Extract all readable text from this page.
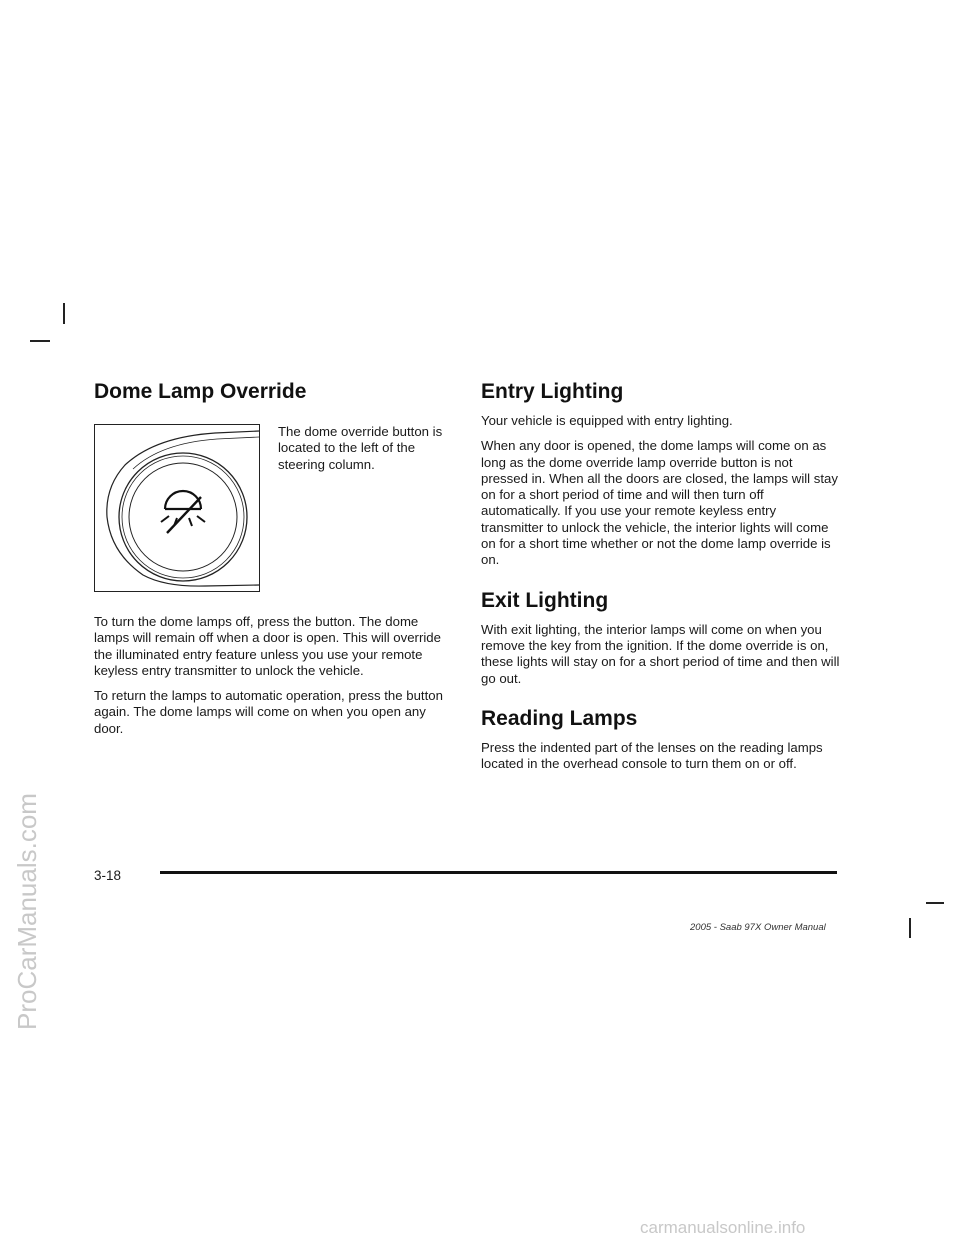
ProCarManuals.com
Dome Lamp Override

The dome override button is located to the left of the steering column.

To turn the dome lamps off, press the button. The dome lamps will remain off when a door is open. This will override the illuminated entry feature unless you use your remote keyless entry transmitter to unlock the vehicle.

To return the lamps to automatic operation, press the button again. The dome lamps will come on when you open any door.

Entry Lighting

Your vehicle is equipped with entry lighting.

When any door is opened, the dome lamps will come on as long as the dome override lamp override button is not pressed in. When all the doors are closed, the lamps will stay on for a short period of time and will then turn off automatically. If you use your remote keyless entry transmitter to unlock the vehicle, the interior lights will come on for a short time whether or not the dome lamp override is on.

Exit Lighting

With exit lighting, the interior lamps will come on when you remove the key from the ignition. If the dome override is on, these lights will stay on for a short period of time and then will go out.

Reading Lamps

Press the indented part of the lenses on the reading lamps located in the overhead console to turn them on or off.

3-18
2005 - Saab 97X Owner Manual
carmanualsonline.info
